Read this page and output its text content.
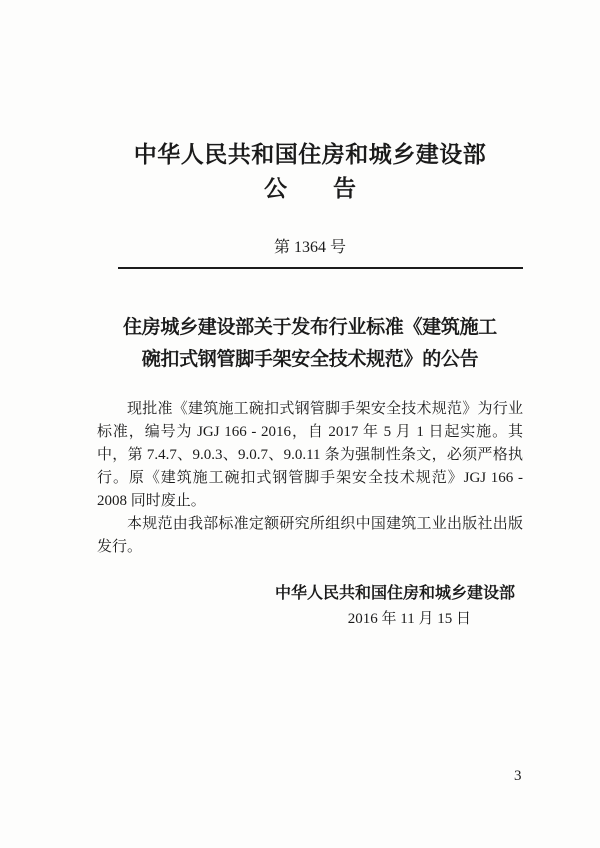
中华人民共和国住房和城乡建设部
公　　告
第 1364 号
住房城乡建设部关于发布行业标准《建筑施工
碗扣式钢管脚手架安全技术规范》的公告

现批准《建筑施工碗扣式钢管脚手架安全技术规范》为行业标准，编号为 JGJ 166 - 2016，自 2017 年 5 月 1 日起实施。其中，第 7.4.7、9.0.3、9.0.7、9.0.11 条为强制性条文，必须严格执行。原《建筑施工碗扣式钢管脚手架安全技术规范》JGJ 166 - 2008 同时废止。

本规范由我部标准定额研究所组织中国建筑工业出版社出版发行。

中华人民共和国住房和城乡建设部
2016 年 11 月 15 日
3
